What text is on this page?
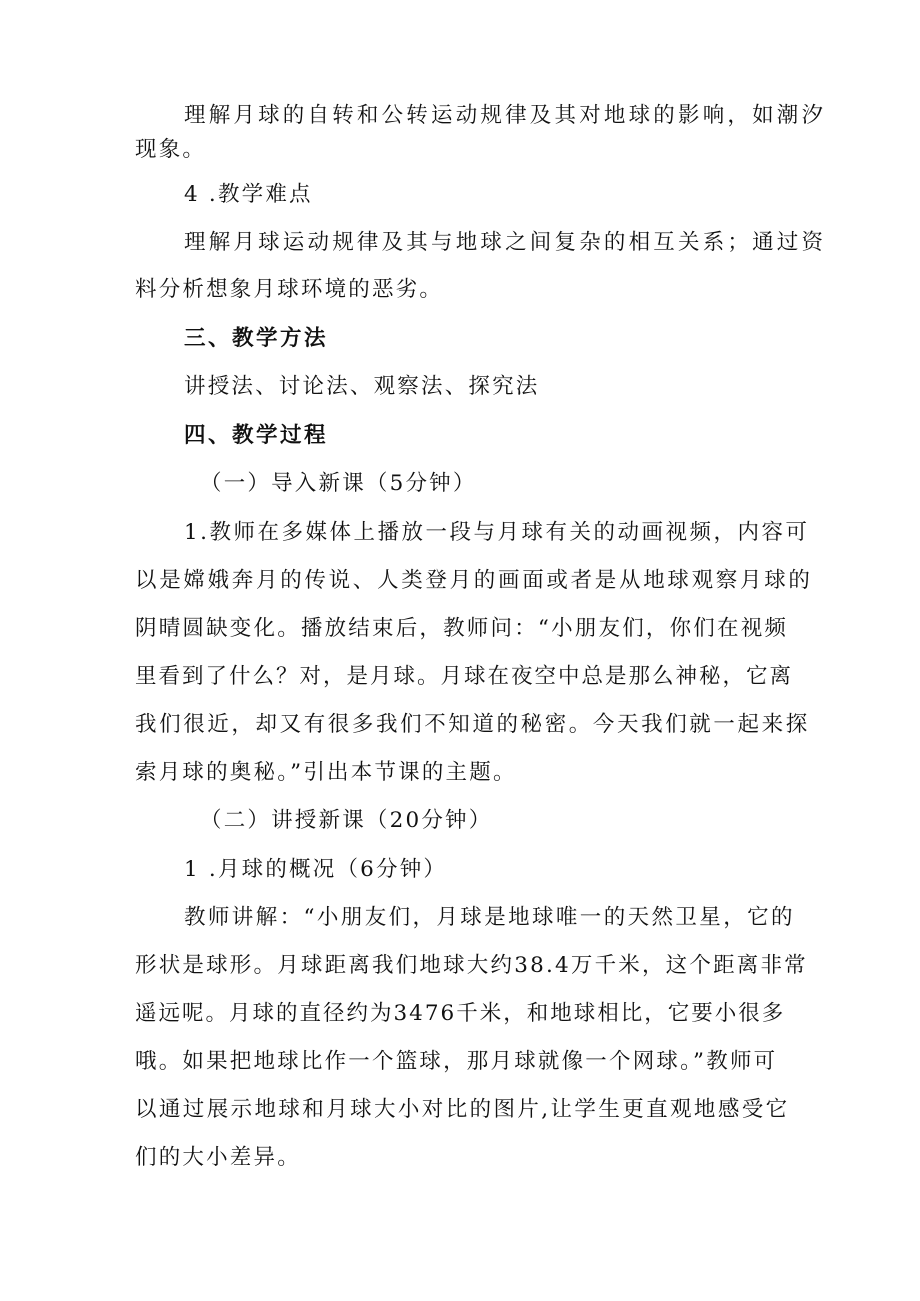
理解月球的自转和公转运动规律及其对地球的影响，如潮汐
现象。
4 .教学难点
理解月球运动规律及其与地球之间复杂的相互关系；通过资
料分析想象月球环境的恶劣。
三、教学方法
讲授法、讨论法、观察法、探究法
四、教学过程
（一）导入新课（5分钟）
1.教师在多媒体上播放一段与月球有关的动画视频，内容可
以是嫦娥奔月的传说、人类登月的画面或者是从地球观察月球的
阴晴圆缺变化。播放结束后，教师问：“小朋友们，你们在视频
里看到了什么？对，是月球。月球在夜空中总是那么神秘，它离
我们很近，却又有很多我们不知道的秘密。今天我们就一起来探
索月球的奥秘。”引出本节课的主题。
（二）讲授新课（20分钟）
1 .月球的概况（6分钟）
教师讲解：“小朋友们，月球是地球唯一的天然卫星，它的
形状是球形。月球距离我们地球大约38.4万千米，这个距离非常
遥远呢。月球的直径约为3476千米，和地球相比，它要小很多
哦。如果把地球比作一个篮球，那月球就像一个网球。”教师可
以通过展示地球和月球大小对比的图片,让学生更直观地感受它
们的大小差异。
